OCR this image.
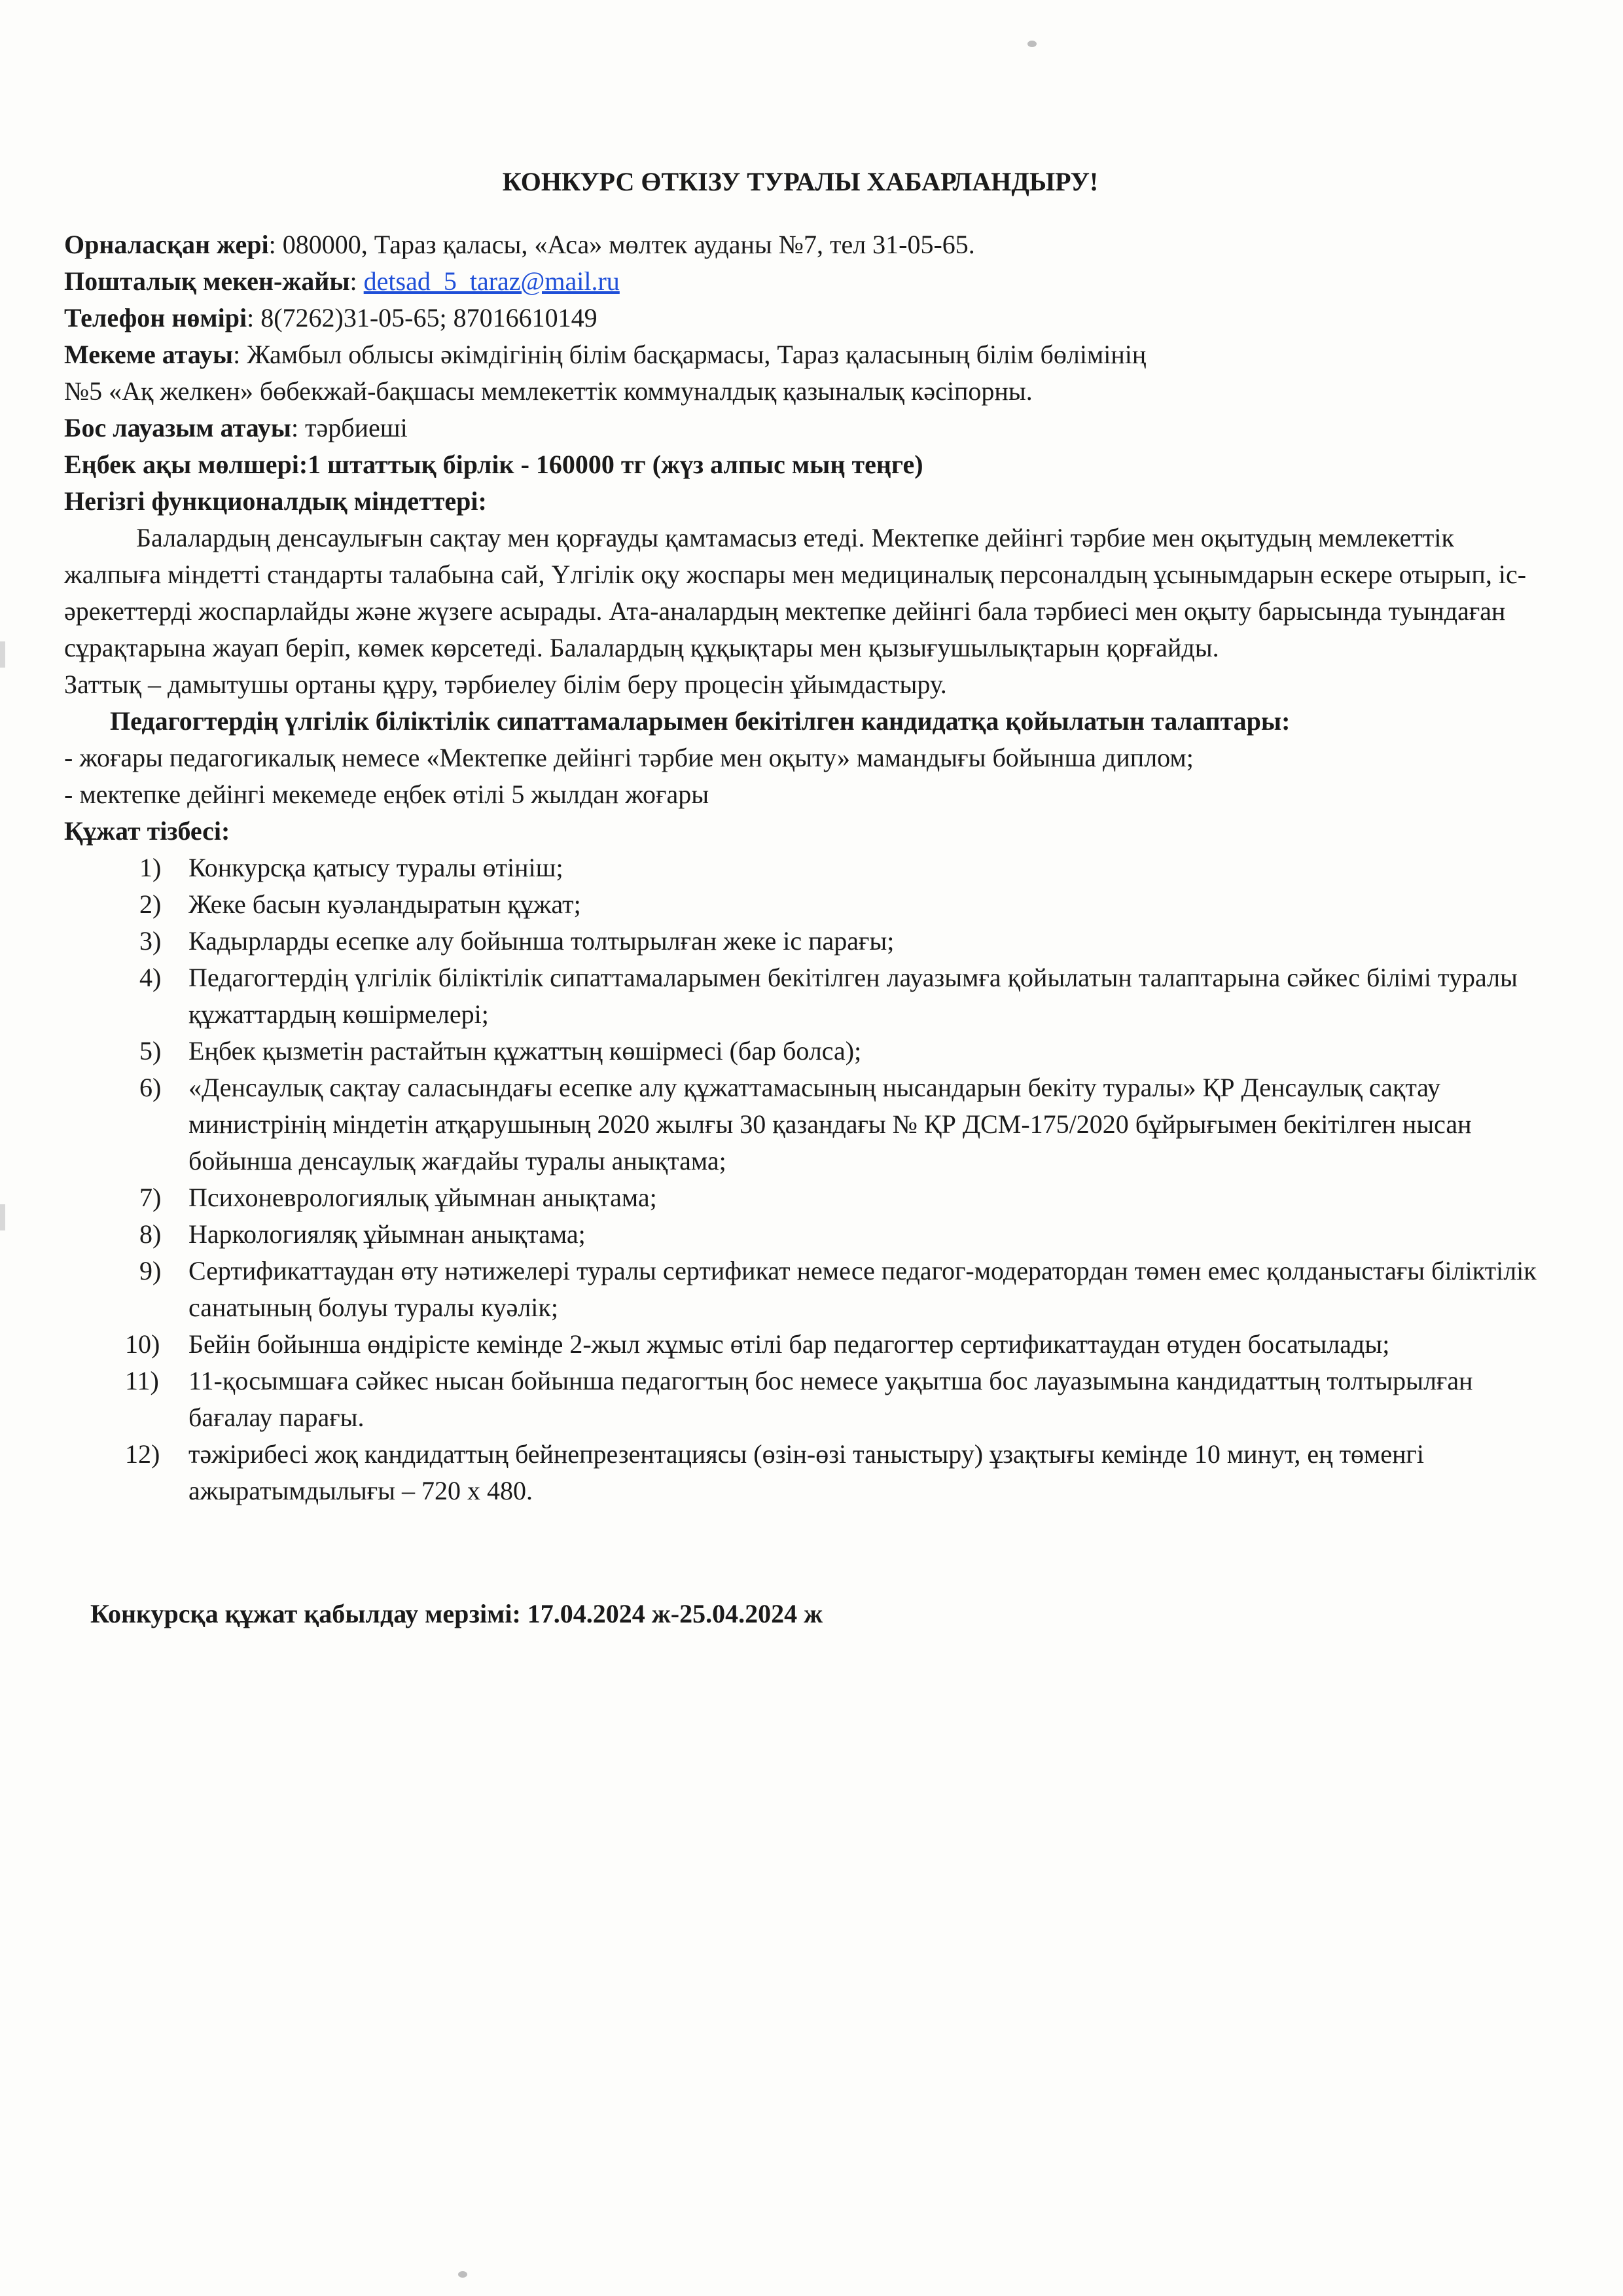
КОНКУРС ӨТКІЗУ ТУРАЛЫ ХАБАРЛАНДЫРУ!

Орналасқан жері: 080000, Тараз қаласы, «Аса» мөлтек ауданы №7, тел 31-05-65.

Пошталық мекен-жайы: detsad_5_taraz@mail.ru

Телефон нөмірі: 8(7262)31-05-65; 87016610149

Мекеме атауы: Жамбыл облысы әкімдігінің білім басқармасы, Тараз қаласының білім бөлімінің

№5 «Ақ желкен» бөбекжай-бақшасы мемлекеттік коммуналдық қазыналық кәсіпорны.

Бос лауазым атауы: тәрбиеші

Еңбек ақы мөлшері:1 штаттық бірлік - 160000 тг (жүз алпыс мың теңге)

Негізгі функционалдық міндеттері:

Балалардың денсаулығын сақтау мен қорғауды қамтамасыз етеді. Мектепке дейінгі тәрбие мен оқытудың мемлекеттік жалпыға міндетті стандарты талабына сай, Үлгілік оқу жоспары мен медициналық персоналдың ұсынымдарын ескере отырып, іс-әрекеттерді жоспарлайды және жүзеге асырады. Ата-аналардың мектепке дейінгі бала тәрбиесі мен оқыту барысында туындаған сұрақтарына жауап беріп, көмек көрсетеді. Балалардың құқықтары мен қызығушылықтарын қорғайды.

Заттық – дамытушы ортаны құру, тәрбиелеу білім беру процесін ұйымдастыру.

Педагогтердің үлгілік біліктілік сипаттамаларымен бекітілген кандидатқа қойылатын талаптары:

- жоғары педагогикалық немесе «Мектепке дейінгі тәрбие мен оқыту» мамандығы бойынша диплом;

- мектепке дейінгі мекемеде еңбек өтілі 5 жылдан жоғары

Құжат тізбесі:

1)	Конкурсқа қатысу туралы өтініш;
2)	Жеке басын куәландыратын құжат;
3)	Кадырларды есепке алу бойынша толтырылған жеке іс парағы;
4)	Педагогтердің үлгілік біліктілік сипаттамаларымен бекітілген лауазымға қойылатын талаптарына сәйкес білімі туралы құжаттардың көшірмелері;
5)	Еңбек қызметін растайтын құжаттың көшірмесі (бар болса);
6)	«Денсаулық сақтау саласындағы есепке алу құжаттамасының нысандарын бекіту туралы» ҚР Денсаулық сақтау министрінің міндетін атқарушының 2020 жылғы 30 қазандағы № ҚР ДСМ-175/2020 бұйрығымен бекітілген нысан бойынша денсаулық жағдайы туралы анықтама;
7)	Психоневрологиялық ұйымнан анықтама;
8)	Наркологияляқ ұйымнан анықтама;
9)	Сертификаттаудан өту нәтижелері туралы сертификат немесе педагог-модератордан төмен емес қолданыстағы біліктілік санатының болуы туралы куәлік;
10)	Бейін бойынша өндірісте кемінде 2-жыл жұмыс өтілі бар педагогтер сертификаттаудан өтуден босатылады;
11)	11-қосымшаға сәйкес нысан бойынша педагогтың бос немесе уақытша бос лауазымына кандидаттың толтырылған бағалау парағы.
12)	тәжірибесі жоқ кандидаттың бейнепрезентациясы (өзін-өзі таныстыру) ұзақтығы кемінде 10 минут, ең төменгі ажыратымдылығы – 720 x 480.

Конкурсқа құжат қабылдау мерзімі: 17.04.2024 ж-25.04.2024 ж
